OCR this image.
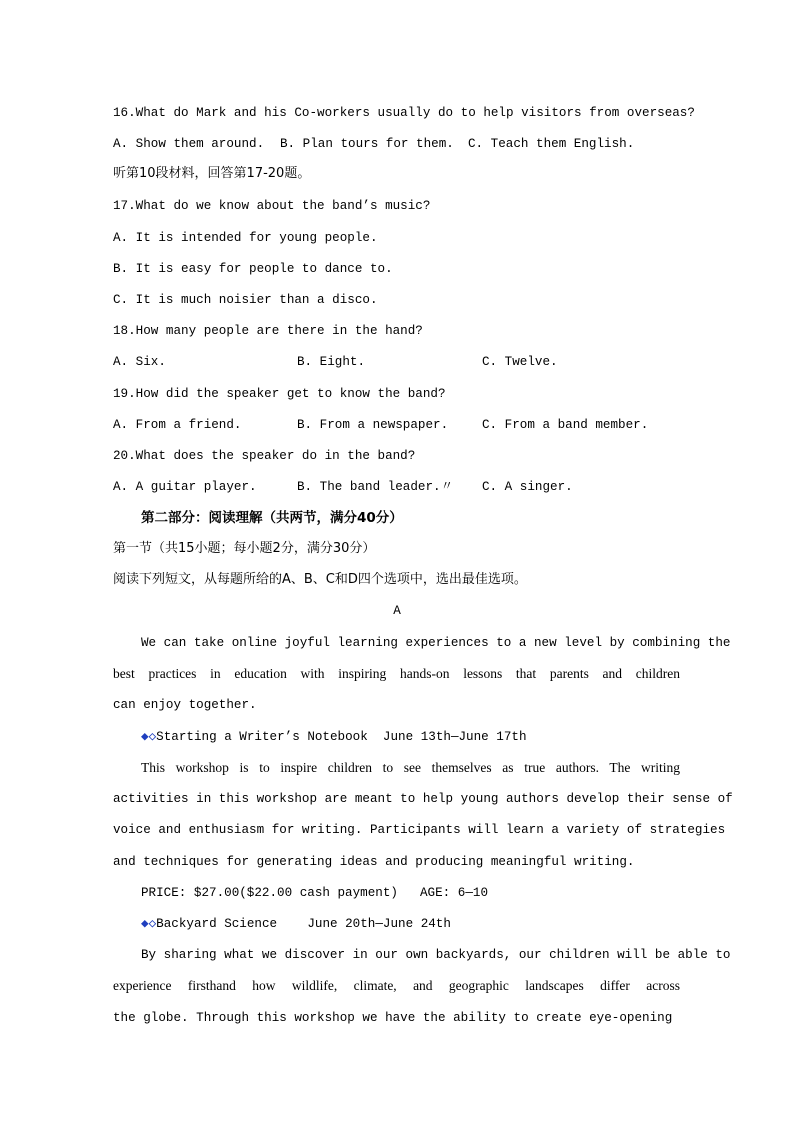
16.What do Mark and his Co-workers usually do to help visitors from overseas?
A. Show them around. B. Plan tours for them. C. Teach them English.
听第10段材料，回答第17-20题。
17.What do we know about the band’s music?
A. It is intended for young people.
B. It is easy for people to dance to.
C. It is much noisier than a disco.
18.How many people are there in the hand?
A. Six.	B. Eight.	C. Twelve.
19.How did the speaker get to know the band?
A. From a friend.	B. From a newspaper.	C. From a band member.
20.What does the speaker do in the band?
A. A guitar player.	B. The band leader.〃 C. A singer.
第二部分：阅读理解（共两节，满分40分）
第一节（共15小题；每小题2分，满分30分）
阅读下列短文，从每题所给的A、B、C和D四个选项中，选出最佳选项。
A
We can take online joyful learning experiences to a new level by combining the
best practices in education with inspiring hands-on lessons that parents and children
can enjoy together.
◆◇Starting a Writer’s Notebook June 13th—June 17th
This workshop is to inspire children to see themselves as true authors. The writing
activities in this workshop are meant to help young authors develop their sense of
voice and enthusiasm for writing. Participants will learn a variety of strategies
and techniques for generating ideas and producing meaningful writing.
PRICE: $27.00($22.00 cash payment) AGE: 6—10
◆◇Backyard Science June 20th—June 24th
By sharing what we discover in our own backyards, our children will be able to
experience firsthand how wildlife, climate, and geographic landscapes differ across
the globe. Through this workshop we have the ability to create eye-opening
